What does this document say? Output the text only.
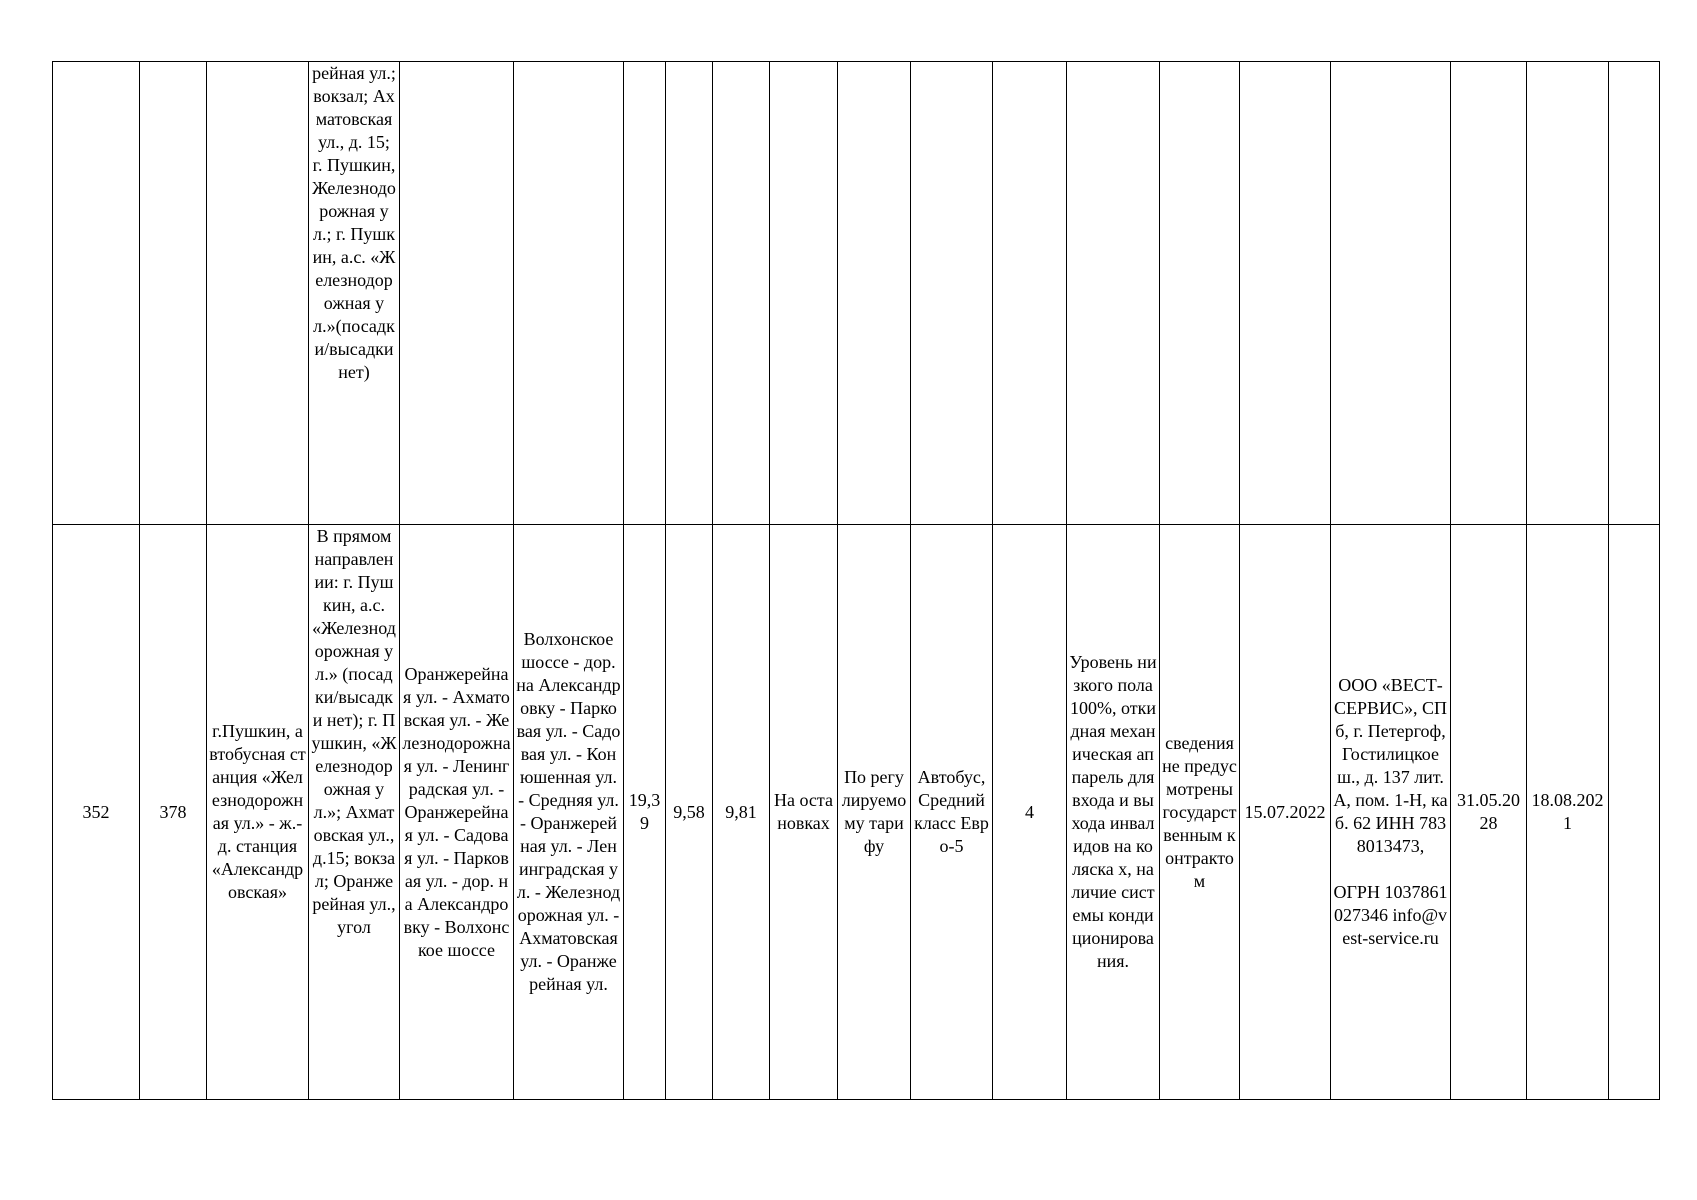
			рейная ул.; вокзал; Ахматовская ул., д. 15; г. Пушкин, Железнодорожная ул.; г. Пушкин, а.с. «Железнодорожная ул.»(посадки/высадки нет)																
352	378	г.Пушкин, автобусная станция «Железнодорожная ул.» - ж.-д. станция «Александровская»	В прямом направлении: г. Пушкин, а.с. «Железнодорожная ул.» (посадки/высадки нет); г. Пушкин, «Железнодорожная ул.»; Ахматовская ул., д.15; вокзал; Оранжерейная ул., угол	Оранжерейная ул. - Ахматовская ул. - Железнодорожная ул. - Ленинградская ул. - Оранжерейная ул. - Садовая ул. - Парковая ул. - дор. на Александровку - Волхонское шоссе	Волхонское шоссе - дор. на Александровку - Парковая ул. - Садовая ул. - Конюшенная ул. - Средняя ул. - Оранжерейная ул. - Ленинградская ул. - Железнодорожная ул. - Ахматовская ул. - Оранжерейная ул.	19,39	9,58	9,81	На остановках	По регулируемому тарифу	Автобус, Средний класс Евро-5	4	Уровень низкого пола 100%, откидная механическая аппарель для входа и выхода инвалидов на коляска х, наличие системы кондиционирования.	сведения не предусмотрены государственным контрактом	15.07.2022	ООО «ВЕСТ-СЕРВИС», СПб, г. Петергоф, Гостилицкое ш., д. 137 лит. А, пом. 1-Н, каб. 62 ИНН 7838013473,

ОГРН 1037861027346 info@vest-service.ru	31.05.2028	18.08.2021	
